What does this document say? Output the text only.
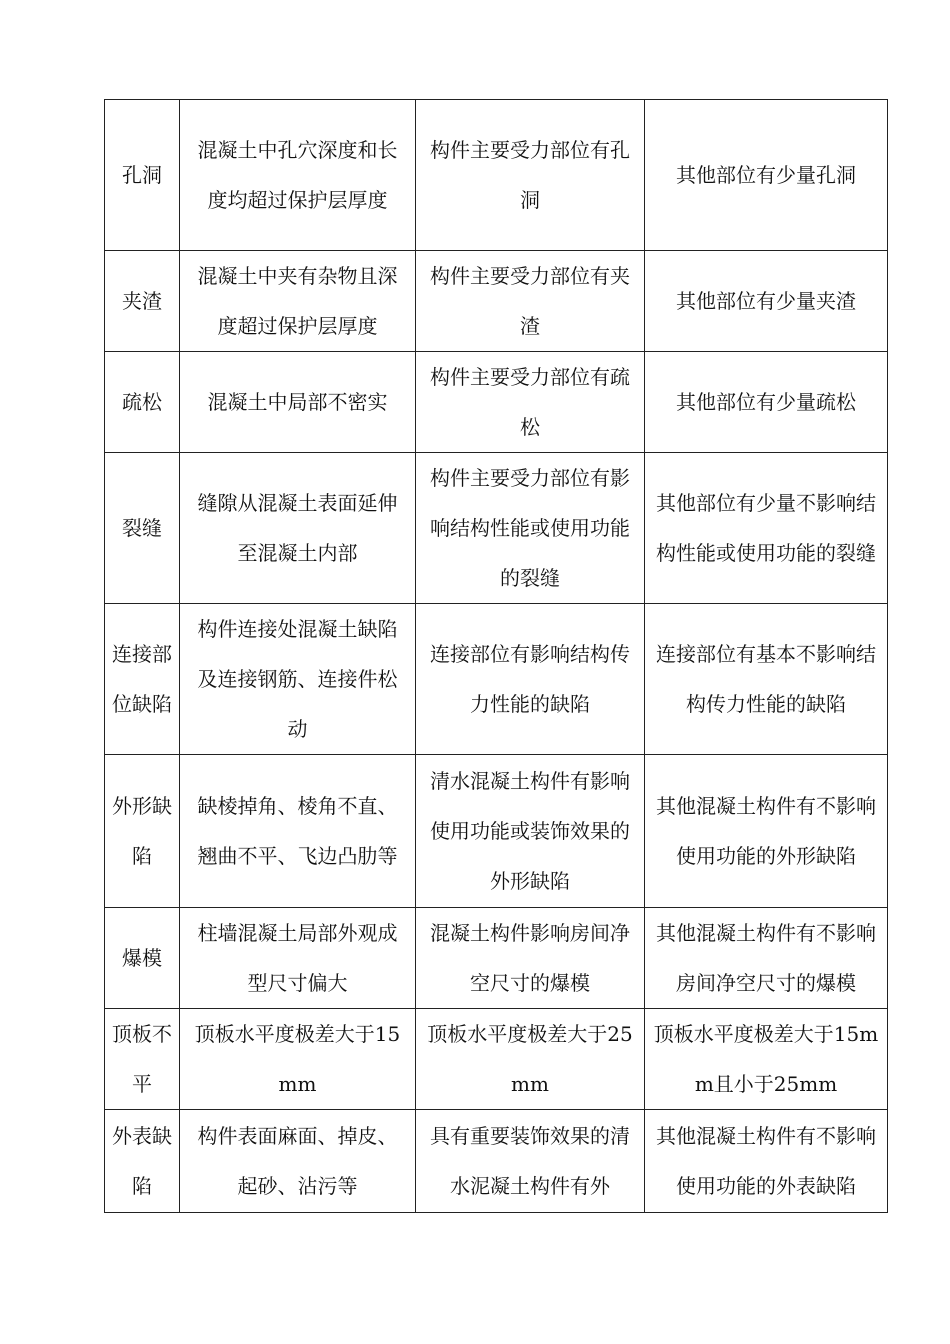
孔洞	混凝土中孔穴深度和长度均超过保护层厚度	构件主要受力部位有孔洞	其他部位有少量孔洞
夹渣	混凝土中夹有杂物且深度超过保护层厚度	构件主要受力部位有夹渣	其他部位有少量夹渣
疏松	混凝土中局部不密实	构件主要受力部位有疏松	其他部位有少量疏松
裂缝	缝隙从混凝土表面延伸至混凝土内部	构件主要受力部位有影响结构性能或使用功能的裂缝	其他部位有少量不影响结构性能或使用功能的裂缝
连接部位缺陷	构件连接处混凝土缺陷及连接钢筋、连接件松动	连接部位有影响结构传力性能的缺陷	连接部位有基本不影响结构传力性能的缺陷
外形缺陷	缺棱掉角、棱角不直、翘曲不平、飞边凸肋等	清水混凝土构件有影响使用功能或装饰效果的外形缺陷	其他混凝土构件有不影响使用功能的外形缺陷
爆模	柱墙混凝土局部外观成型尺寸偏大	混凝土构件影响房间净空尺寸的爆模	其他混凝土构件有不影响房间净空尺寸的爆模
顶板不平	顶板水平度极差大于15mm	顶板水平度极差大于25mm	顶板水平度极差大于15mm且小于25mm
外表缺陷	构件表面麻面、掉皮、起砂、沾污等	具有重要装饰效果的清水泥凝土构件有外	其他混凝土构件有不影响使用功能的外表缺陷
